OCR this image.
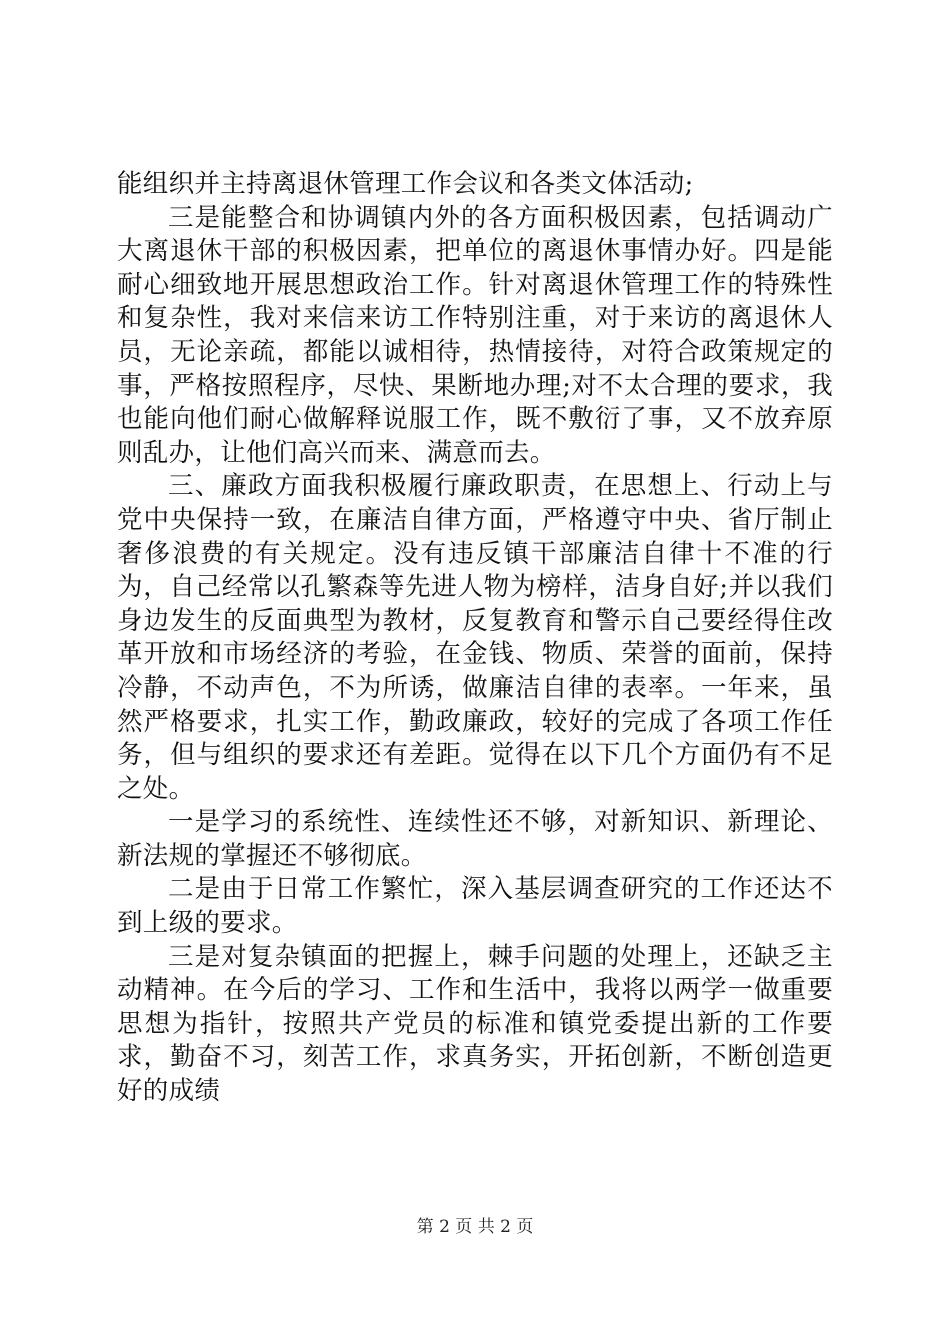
能组织并主持离退休管理工作会议和各类文体活动;

三是能整合和协调镇内外的各方面积极因素，包括调动广大离退休干部的积极因素，把单位的离退休事情办好。四是能耐心细致地开展思想政治工作。针对离退休管理工作的特殊性和复杂性，我对来信来访工作特别注重，对于来访的离退休人员，无论亲疏，都能以诚相待，热情接待，对符合政策规定的事，严格按照程序，尽快、果断地办理;对不太合理的要求，我也能向他们耐心做解释说服工作，既不敷衍了事，又不放弃原则乱办，让他们高兴而来、满意而去。

三、廉政方面我积极履行廉政职责，在思想上、行动上与党中央保持一致，在廉洁自律方面，严格遵守中央、省厅制止奢侈浪费的有关规定。没有违反镇干部廉洁自律十不准的行为，自己经常以孔繁森等先进人物为榜样，洁身自好;并以我们身边发生的反面典型为教材，反复教育和警示自己要经得住改革开放和市场经济的考验，在金钱、物质、荣誉的面前，保持冷静，不动声色，不为所诱，做廉洁自律的表率。一年来，虽然严格要求，扎实工作，勤政廉政，较好的完成了各项工作任务，但与组织的要求还有差距。觉得在以下几个方面仍有不足之处。

一是学习的系统性、连续性还不够，对新知识、新理论、新法规的掌握还不够彻底。

二是由于日常工作繁忙，深入基层调查研究的工作还达不到上级的要求。

三是对复杂镇面的把握上，棘手问题的处理上，还缺乏主动精神。在今后的学习、工作和生活中，我将以两学一做重要思想为指针，按照共产党员的标准和镇党委提出新的工作要求，勤奋不习，刻苦工作，求真务实，开拓创新，不断创造更好的成绩

第 2 页 共 2 页
